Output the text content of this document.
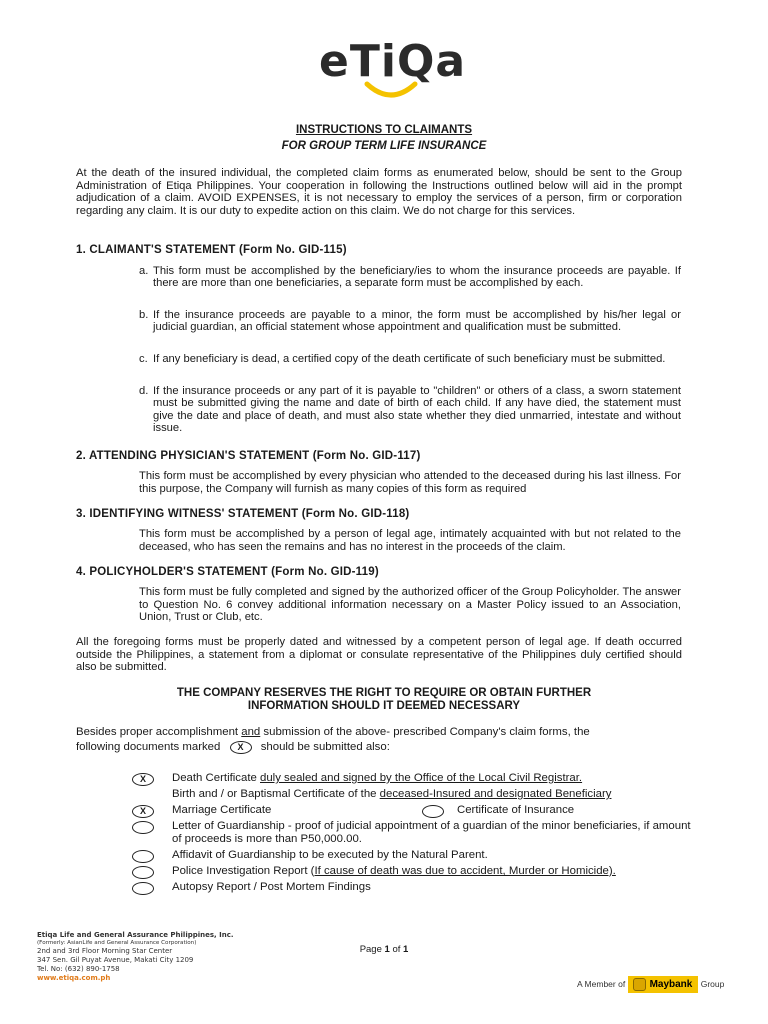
eTiQa
INSTRUCTIONS TO CLAIMANTS
FOR GROUP TERM LIFE INSURANCE
At the death of the insured individual, the completed claim forms as enumerated below, should be sent to the Group Administration of Etiqa Philippines. Your cooperation in following the Instructions outlined below will aid in the prompt adjudication of a claim. AVOID EXPENSES, it is not necessary to employ the services of a person, firm or corporation regarding any claim. It is our duty to expedite action on this claim. We do not charge for this services.
1. CLAIMANT'S STATEMENT (Form No. GID-115)
a. This form must be accomplished by the beneficiary/ies to whom the insurance proceeds are payable. If there are more than one beneficiaries, a separate form must be accomplished by each.
b. If the insurance proceeds are payable to a minor, the form must be accomplished by his/her legal or judicial guardian, an official statement whose appointment and qualification must be submitted.
c. If any beneficiary is dead, a certified copy of the death certificate of such beneficiary must be submitted.
d. If the insurance proceeds or any part of it is payable to "children" or others of a class, a sworn statement must be submitted giving the name and date of birth of each child. If any have died, the statement must give the date and place of death, and must also state whether they died unmarried, intestate and without issue.
2. ATTENDING PHYSICIAN'S STATEMENT (Form No. GID-117)
This form must be accomplished by every physician who attended to the deceased during his last illness. For this purpose, the Company will furnish as many copies of this form as required
3. IDENTIFYING WITNESS' STATEMENT (Form No. GID-118)
This form must be accomplished by a person of legal age, intimately acquainted with but not related to the deceased, who has seen the remains and has no interest in the proceeds of the claim.
4. POLICYHOLDER'S STATEMENT (Form No. GID-119)
This form must be fully completed and signed by the authorized officer of the Group Policyholder. The answer to Question No. 6 convey additional information necessary on a Master Policy issued to an Association, Union, Trust or Club, etc.
All the foregoing forms must be properly dated and witnessed by a competent person of legal age. If death occurred outside the Philippines, a statement from a diplomat or consulate representative of the Philippines duly certified should also be submitted.
THE COMPANY RESERVES THE RIGHT TO REQUIRE OR OBTAIN FURTHER
INFORMATION SHOULD IT DEEMED NECESSARY
Besides proper accomplishment and submission of the above- prescribed Company's claim forms, the
following documents marked	X	should be submitted also:
X	Death Certificate duly sealed and signed by the Office of the Local Civil Registrar.
Birth and / or Baptismal Certificate of the deceased-Insured and designated Beneficiary
X	Marriage Certificate	Certificate of Insurance
Letter of Guardianship - proof of judicial appointment of a guardian of the minor beneficiaries, if amount of proceeds is more than P50,000.00.
Affidavit of Guardianship to be executed by the Natural Parent.
Police Investigation Report (If cause of death was due to accident, Murder or Homicide).
Autopsy Report / Post Mortem Findings
Etiqa Life and General Assurance Philippines, Inc.
(Formerly: AsianLife and General Assurance Corporation)
2nd and 3rd Floor Morning Star Center
347 Sen. Gil Puyat Avenue, Makati City 1209
Tel. No: (632) 890-1758
www.etiqa.com.ph
Page 1 of 1
A Member of Maybank Group
